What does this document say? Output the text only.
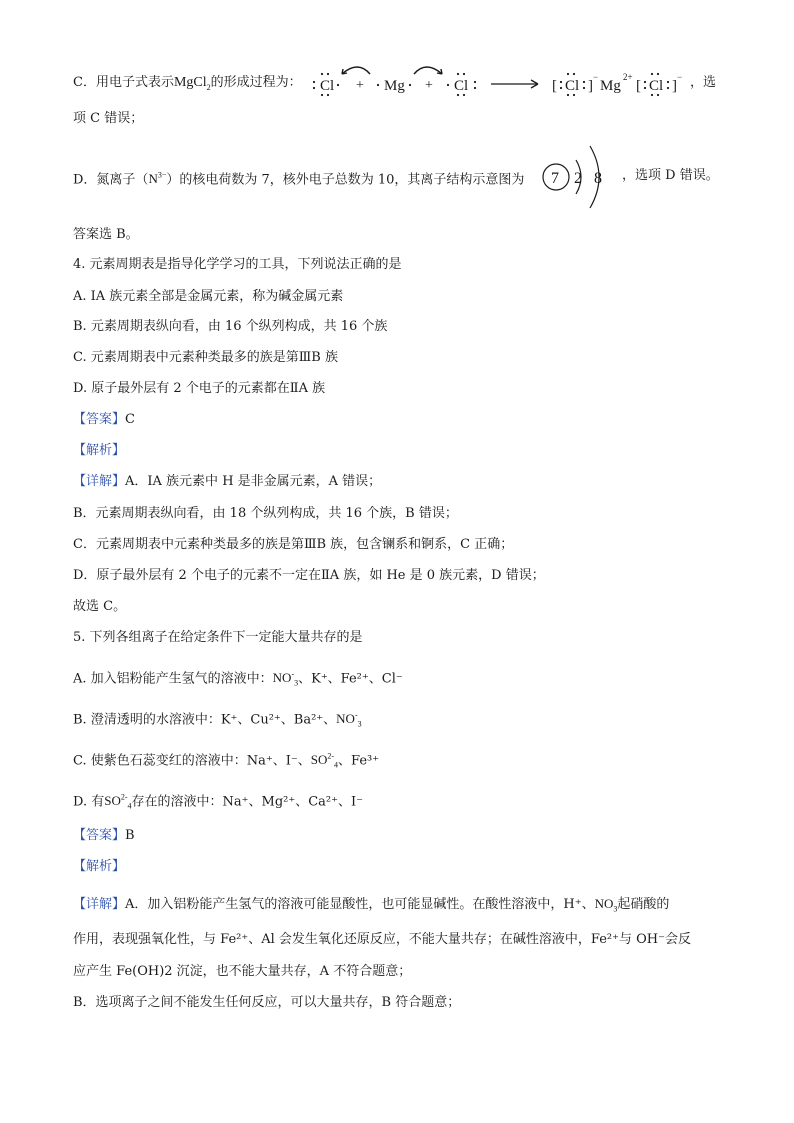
C．用电子式表示MgCl$_2$的形成过程为： Cl + Mg + Cl	[ Cl ]
−
Mg
2+
[ Cl ]
− ，选
项 C 错误；
D．氮离子$(N^{3-})$的核电荷数为 7，核外电子总数为 10，其离子结构示意图为 7 2 8 ，选项 D 错误。
答案选 B。
4. 元素周期表是指导化学学习的工具，下列说法正确的是
A. IA 族元素全部是金属元素，称为碱金属元素
B. 元素周期表纵向看，由 16 个纵列构成，共 16 个族
C. 元素周期表中元素种类最多的族是第ⅢB 族
D. 原子最外层有 2 个电子的元素都在ⅡA 族
【答案】C
【解析】
【详解】A．ⅠA 族元素中 H 是非金属元素，A 错误；
B．元素周期表纵向看，由 18 个纵列构成，共 16 个族，B 错误；
C．元素周期表中元素种类最多的族是第ⅢB 族，包含镧系和锕系，C 正确；
D．原子最外层有 2 个电子的元素不一定在ⅡA 族，如 He 是 0 族元素，D 错误；
故选 C。
5. 下列各组离子在给定条件下一定能大量共存的是
A. 加入铝粉能产生氢气的溶液中：$NO^-_3$、K⁺、Fe²⁺、Cl⁻
B. 澄清透明的水溶液中：K⁺、Cu²⁺、Ba²⁺、$NO^-_3$
C. 使紫色石蕊变红的溶液中：Na⁺、I⁻、$SO^{2-}_4$、Fe³⁺
D. 有$SO^{2-}_4$存在的溶液中：Na⁺、Mg²⁺、Ca²⁺、I⁻
【答案】B
【解析】
【详解】A．加入铝粉能产生氢气的溶液可能显酸性，也可能显碱性。在酸性溶液中，H⁺、$NO_3$起硝酸的
作用，表现强氧化性，与 Fe²⁺、Al 会发生氧化还原反应，不能大量共存；在碱性溶液中，Fe²⁺与 OH⁻会反
应产生 Fe(OH)2 沉淀，也不能大量共存，A 不符合题意；
B．选项离子之间不能发生任何反应，可以大量共存，B 符合题意；
